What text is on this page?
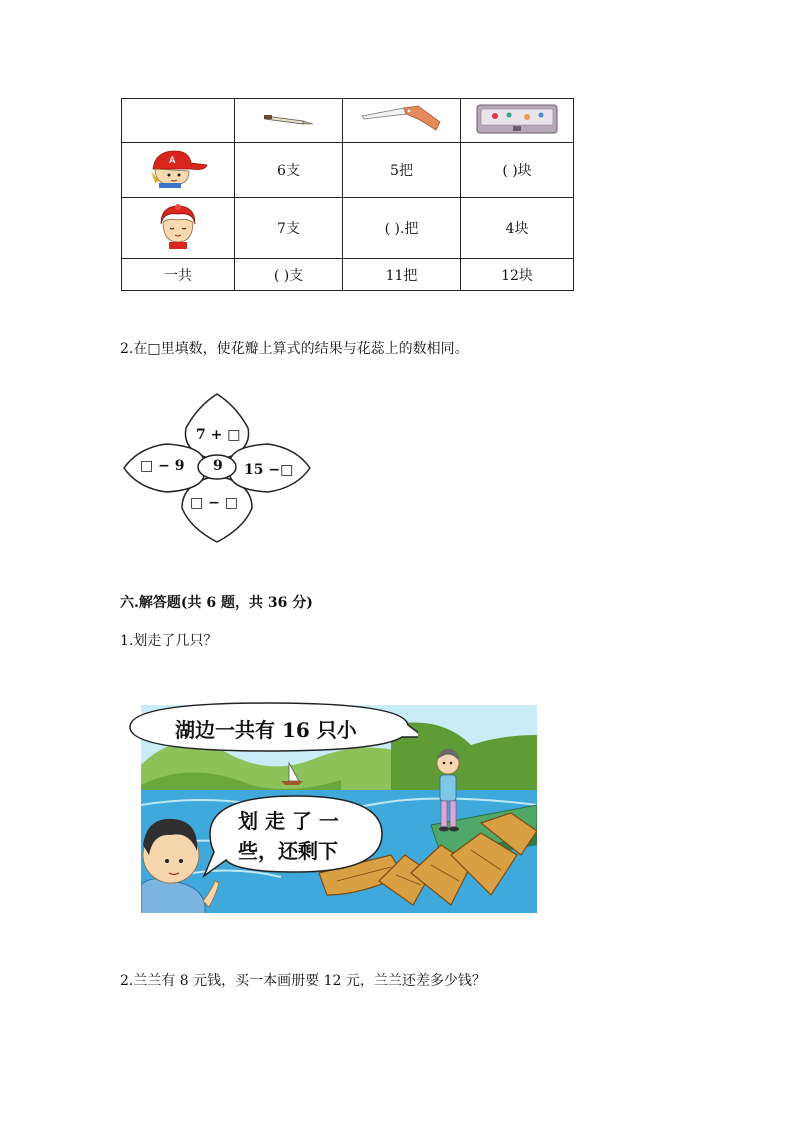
A	6支	5把	( )块
	7支	( ).把	4块
一共	( )支	11把	12块
2.在□里填数，使花瓣上算式的结果与花蕊上的数相同。
7 + □
□ − 9 9 15 −□
□ − □
六.解答题(共 6 题，共 36 分)
1.划走了几只？
湖边一共有 16 只小
划 走 了 一
些，还剩下
2.兰兰有 8 元钱，买一本画册要 12 元，兰兰还差多少钱？
